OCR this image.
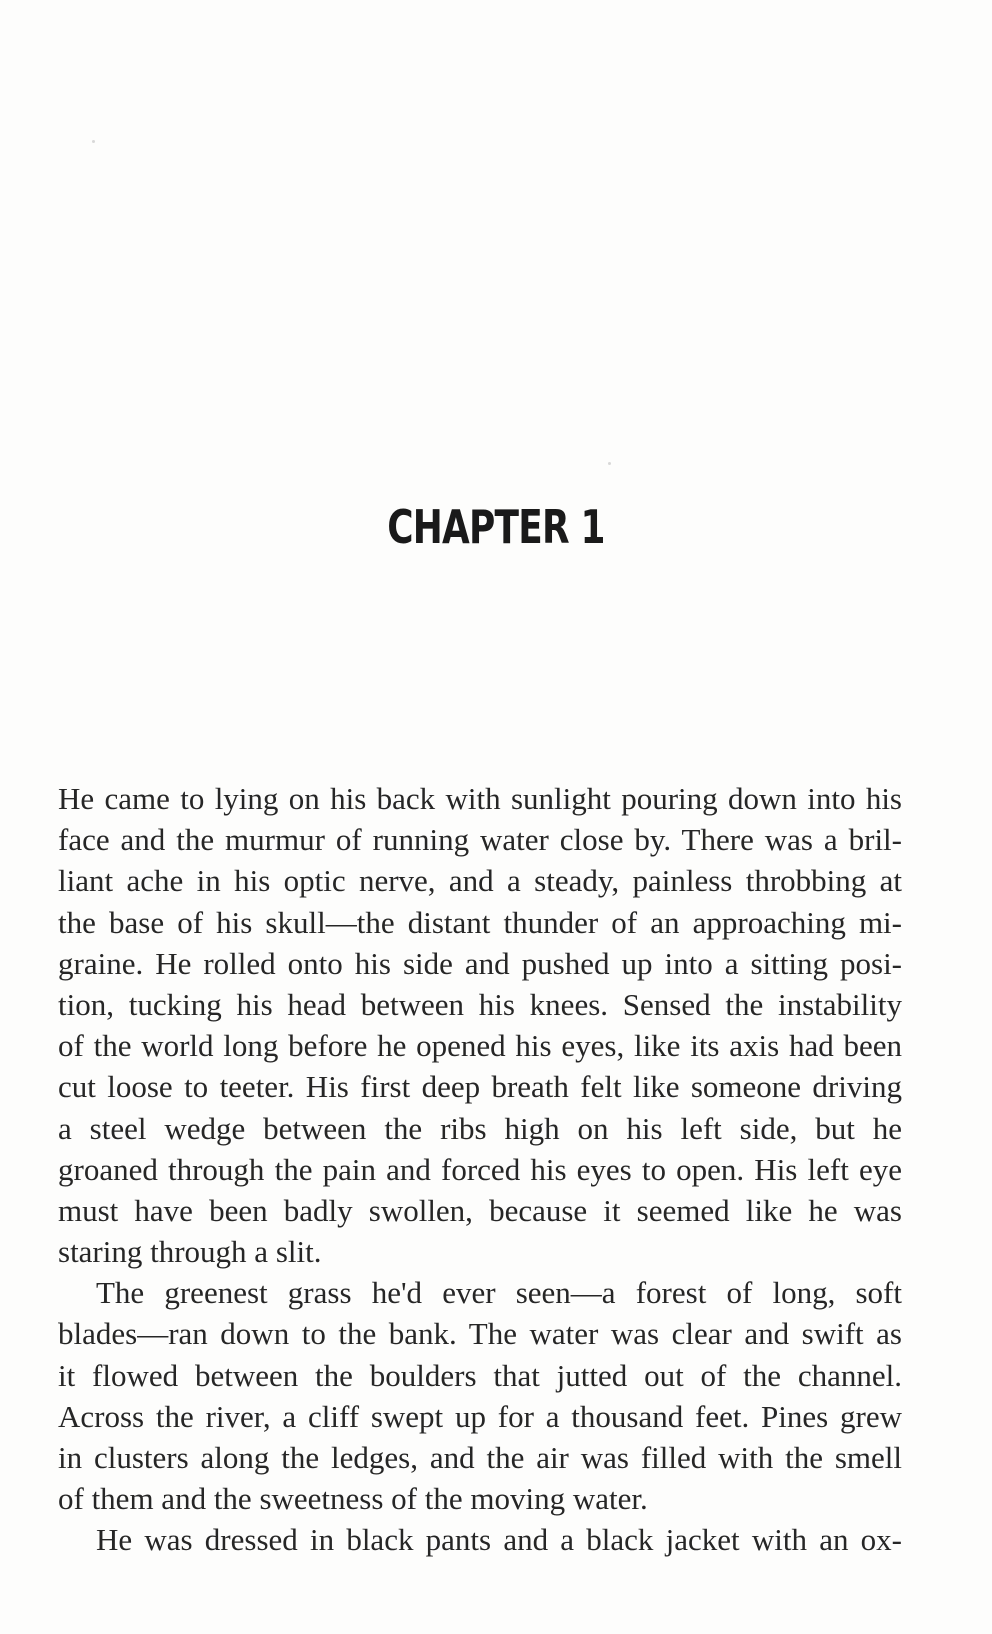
CHAPTER 1
He came to lying on his back with sunlight pouring down into his
face and the murmur of running water close by. There was a bril-
liant ache in his optic nerve, and a steady, painless throbbing at
the base of his skull—the distant thunder of an approaching mi-
graine. He rolled onto his side and pushed up into a sitting posi-
tion, tucking his head between his knees. Sensed the instability
of the world long before he opened his eyes, like its axis had been
cut loose to teeter. His first deep breath felt like someone driving
a steel wedge between the ribs high on his left side, but he
groaned through the pain and forced his eyes to open. His left eye
must have been badly swollen, because it seemed like he was
staring through a slit.
The greenest grass he'd ever seen—a forest of long, soft
blades—ran down to the bank. The water was clear and swift as
it flowed between the boulders that jutted out of the channel.
Across the river, a cliff swept up for a thousand feet. Pines grew
in clusters along the ledges, and the air was filled with the smell
of them and the sweetness of the moving water.
He was dressed in black pants and a black jacket with an ox-
